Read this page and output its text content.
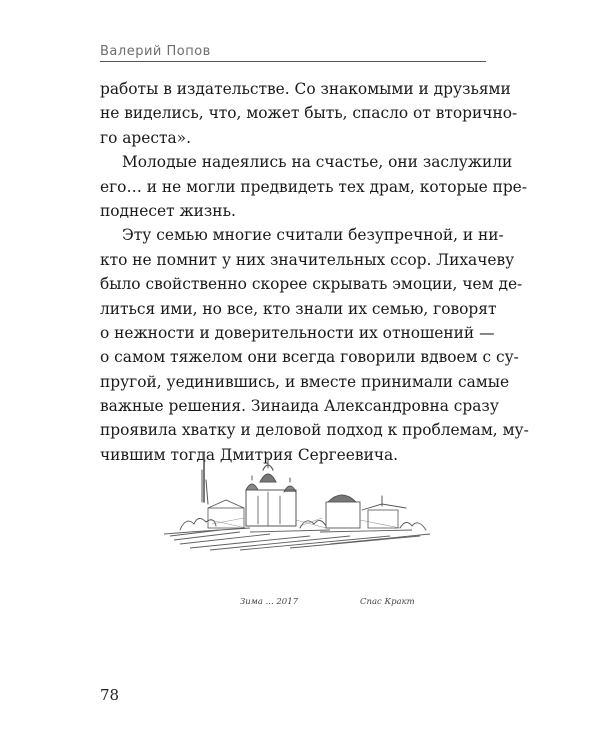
Валерий Попов
работы в издательстве. Со знакомыми и друзьями
не виделись, что, может быть, спасло от вторично-
го ареста».
Молодые надеялись на счастье, они заслужили
его… и не могли предвидеть тех драм, которые пре-
поднесет жизнь.
Эту семью многие считали безупречной, и ни-
кто не помнит у них значительных ссор. Лихачеву
было свойственно скорее скрывать эмоции, чем де-
литься ими, но все, кто знали их семью, говорят
о нежности и доверительности их отношений —
о самом тяжелом они всегда говорили вдвоем с су-
пругой, уединившись, и вместе принимали самые
важные решения. Зинаида Александровна сразу
проявила хватку и деловой подход к проблемам, му-
чившим тогда Дмитрия Сергеевича.
Зима ... 2017	Спас Кракт
78
